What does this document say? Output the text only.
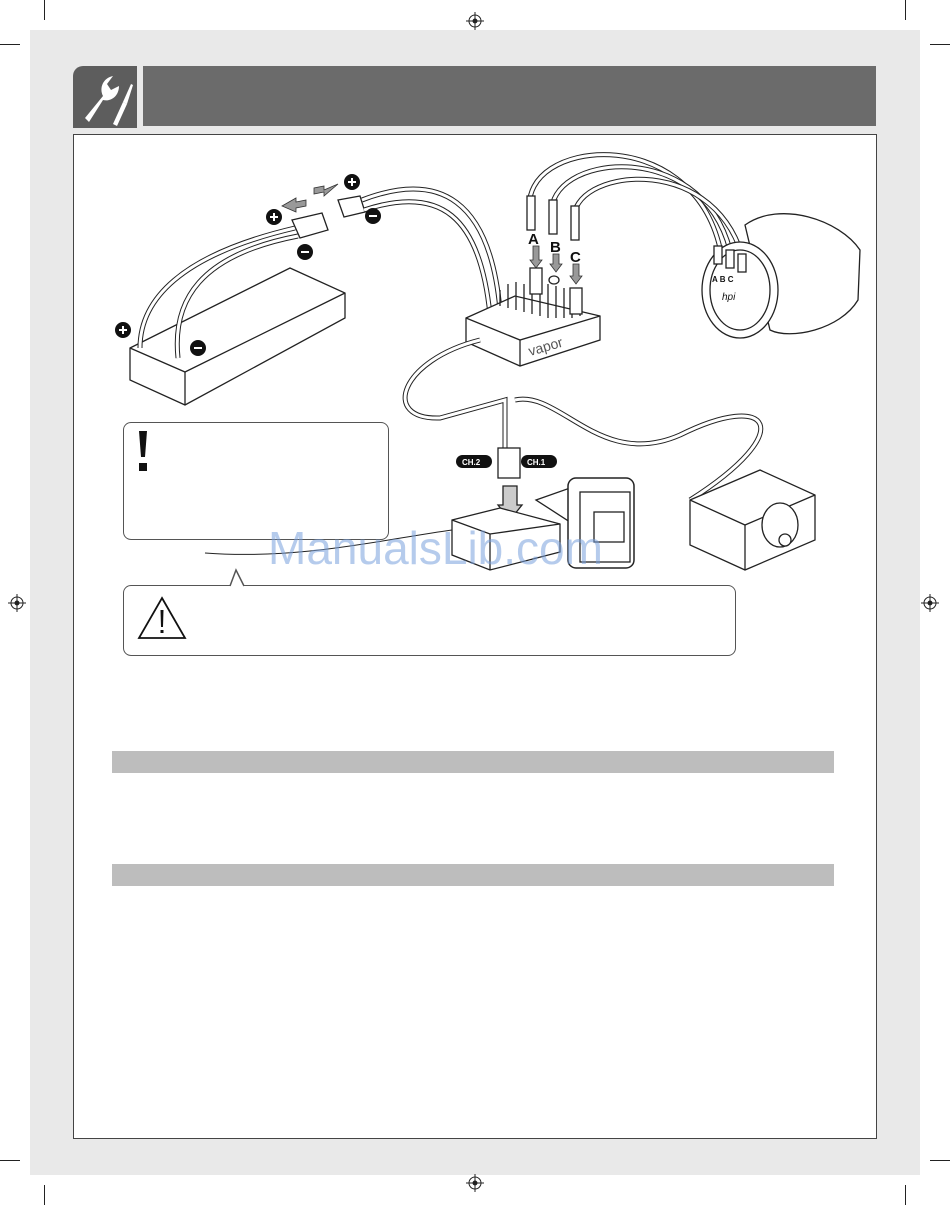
A B
C
A B C
hpi
vapor
CH.2	CH.1
ManualsLib.com
